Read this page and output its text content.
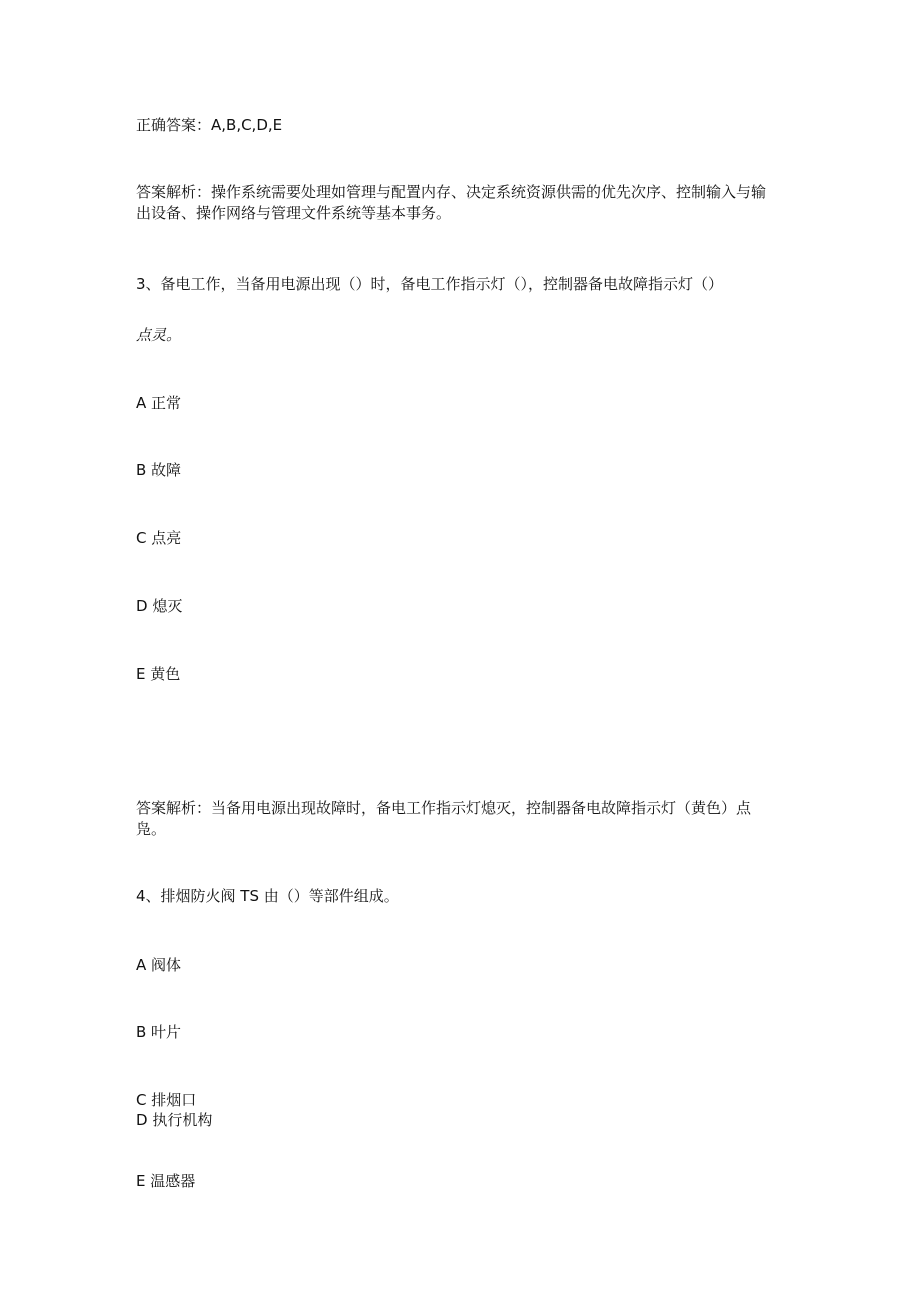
正确答案：A,B,C,D,E
答案解析：操作系统需要处理如管理与配置内存、决定系统资源供需的优先次序、控制输入与输出设备、操作网络与管理文件系统等基本事务。
3、备电工作，当备用电源出现（）时，备电工作指示灯（），控制器备电故障指示灯（）
点灵。
A 正常
B 故障
C 点亮
D 熄灭
E 黄色
答案解析：当备用电源出现故障时，备电工作指示灯熄灭，控制器备电故障指示灯（黄色）点凫。
4、排烟防火阀 TS 由（）等部件组成。
A 阀体
B 叶片
C 排烟口
D 执行机构
E 温感器
